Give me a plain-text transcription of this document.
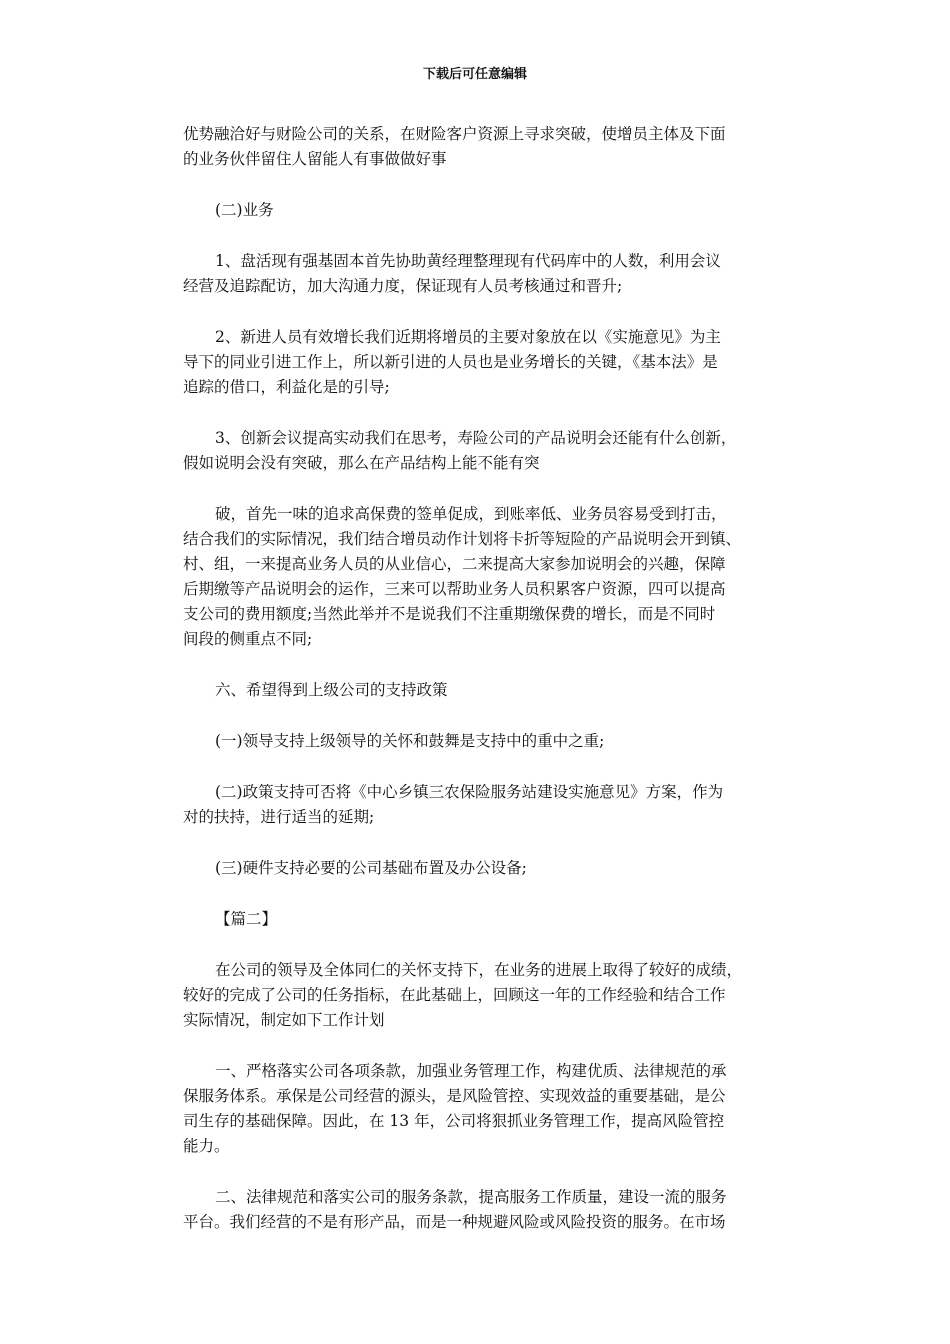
下载后可任意编辑
优势融洽好与财险公司的关系，在财险客户资源上寻求突破，使增员主体及下面
的业务伙伴留住人留能人有事做做好事
(二)业务
1、盘活现有强基固本首先协助黄经理整理现有代码库中的人数，利用会议
经营及追踪配访，加大沟通力度，保证现有人员考核通过和晋升;
2、新进人员有效增长我们近期将增员的主要对象放在以《实施意见》为主
导下的同业引进工作上，所以新引进的人员也是业务增长的关键，《基本法》是
追踪的借口，利益化是的引导;
3、创新会议提高实动我们在思考，寿险公司的产品说明会还能有什么创新，
假如说明会没有突破，那么在产品结构上能不能有突
破，首先一味的追求高保费的签单促成，到账率低、业务员容易受到打击，
结合我们的实际情况，我们结合增员动作计划将卡折等短险的产品说明会开到镇、
村、组，一来提高业务人员的从业信心，二来提高大家参加说明会的兴趣，保障
后期缴等产品说明会的运作，三来可以帮助业务人员积累客户资源，四可以提高
支公司的费用额度;当然此举并不是说我们不注重期缴保费的增长，而是不同时
间段的侧重点不同;
六、希望得到上级公司的支持政策
(一)领导支持上级领导的关怀和鼓舞是支持中的重中之重;
(二)政策支持可否将《中心乡镇三农保险服务站建设实施意见》方案，作为
对的扶持，进行适当的延期;
(三)硬件支持必要的公司基础布置及办公设备;
【篇二】
在公司的领导及全体同仁的关怀支持下，在业务的进展上取得了较好的成绩，
较好的完成了公司的任务指标，在此基础上，回顾这一年的工作经验和结合工作
实际情况，制定如下工作计划
一、严格落实公司各项条款，加强业务管理工作，构建优质、法律规范的承
保服务体系。承保是公司经营的源头，是风险管控、实现效益的重要基础，是公
司生存的基础保障。因此，在 13 年，公司将狠抓业务管理工作，提高风险管控
能力。
二、法律规范和落实公司的服务条款，提高服务工作质量，建设一流的服务
平台。我们经营的不是有形产品，而是一种规避风险或风险投资的服务。在市场
